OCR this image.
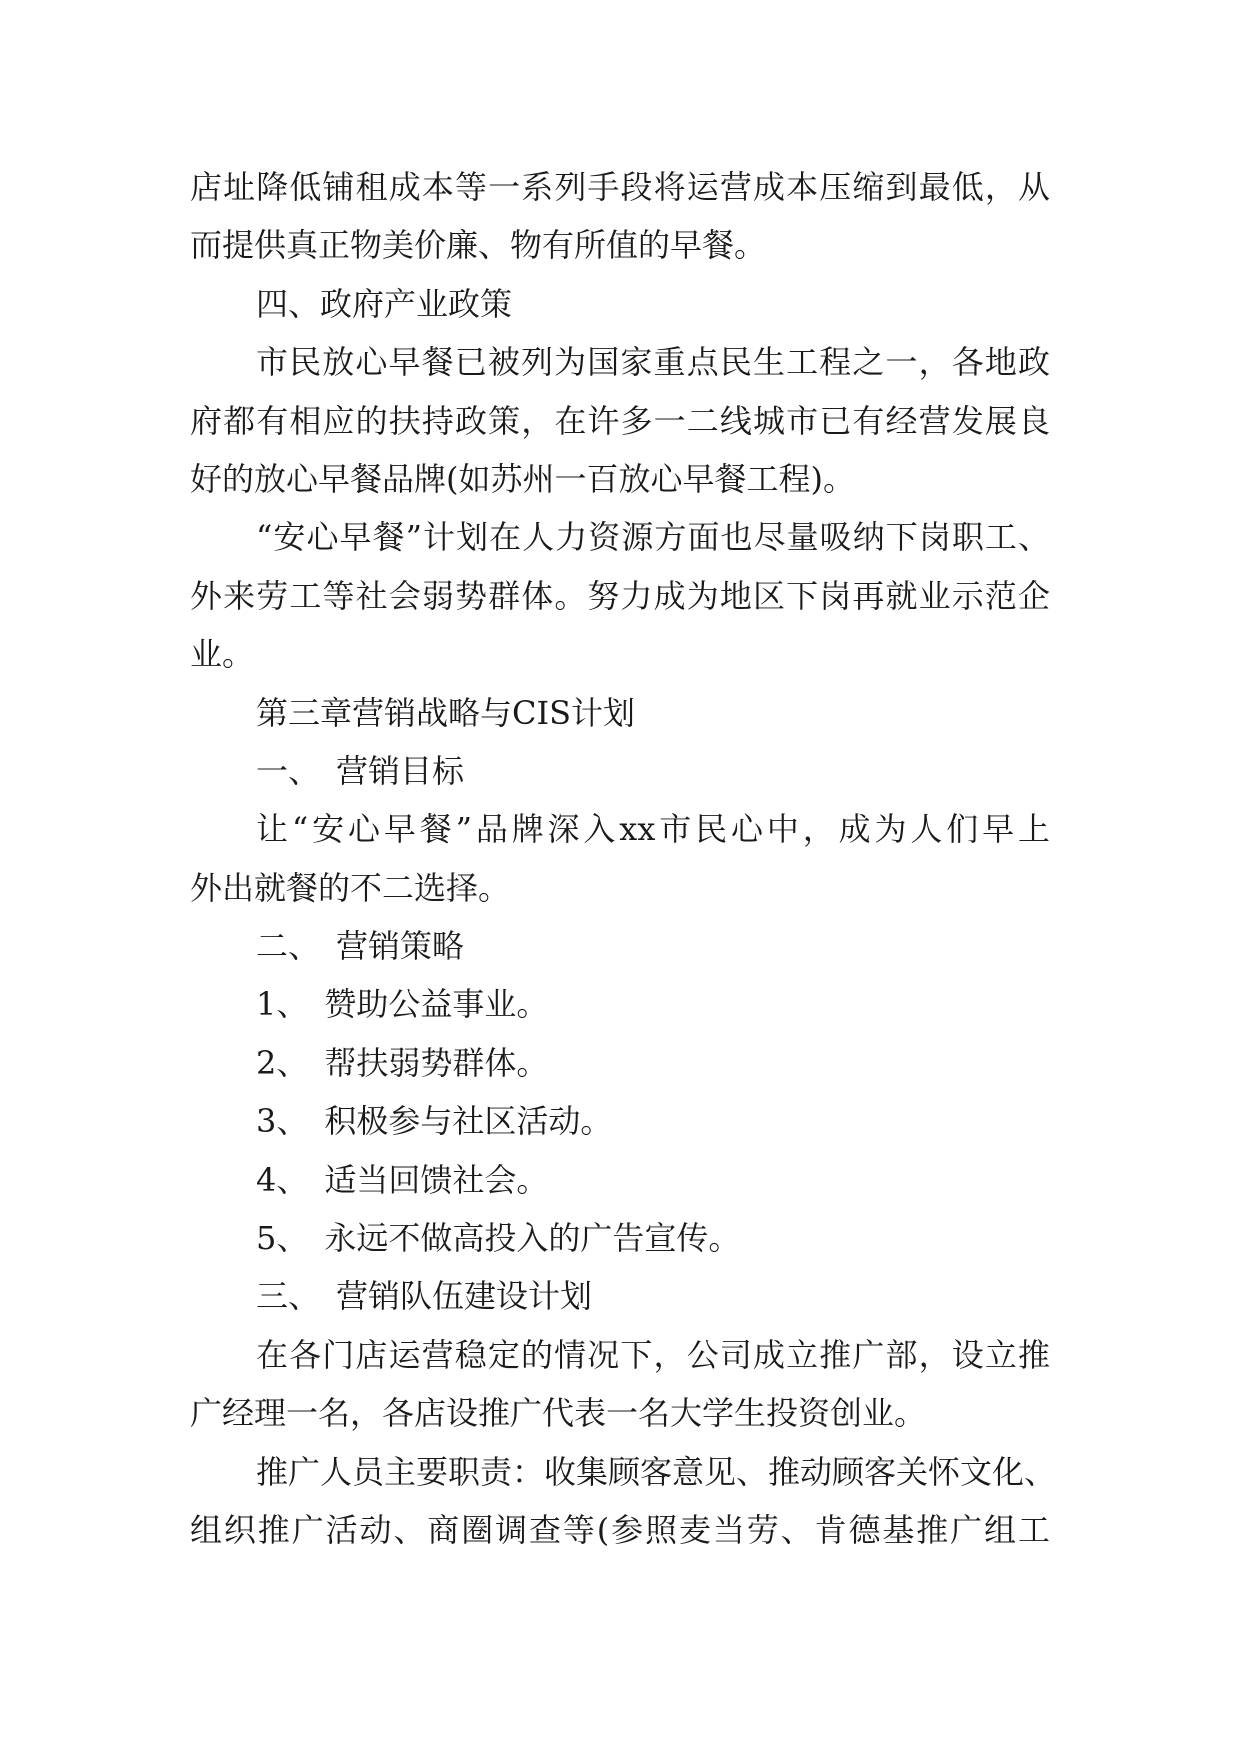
店址降低铺租成本等一系列手段将运营成本压缩到最低，从

而提供真正物美价廉、物有所值的早餐。

四、政府产业政策

市民放心早餐已被列为国家重点民生工程之一，各地政

府都有相应的扶持政策，在许多一二线城市已有经营发展良

好的放心早餐品牌(如苏州一百放心早餐工程)。

“安心早餐”计划在人力资源方面也尽量吸纳下岗职工、

外来劳工等社会弱势群体。努力成为地区下岗再就业示范企

业。

第三章营销战略与CIS计划

一、　营销目标

让“安心早餐”品牌深入xx市民心中，成为人们早上

外出就餐的不二选择。

二、　营销策略

1、　赞助公益事业。

2、　帮扶弱势群体。

3、　积极参与社区活动。

4、　适当回馈社会。

5、　永远不做高投入的广告宣传。

三、　营销队伍建设计划

在各门店运营稳定的情况下，公司成立推广部，设立推

广经理一名，各店设推广代表一名大学生投资创业。

推广人员主要职责：收集顾客意见、推动顾客关怀文化、

组织推广活动、商圈调查等(参照麦当劳、肯德基推广组工
